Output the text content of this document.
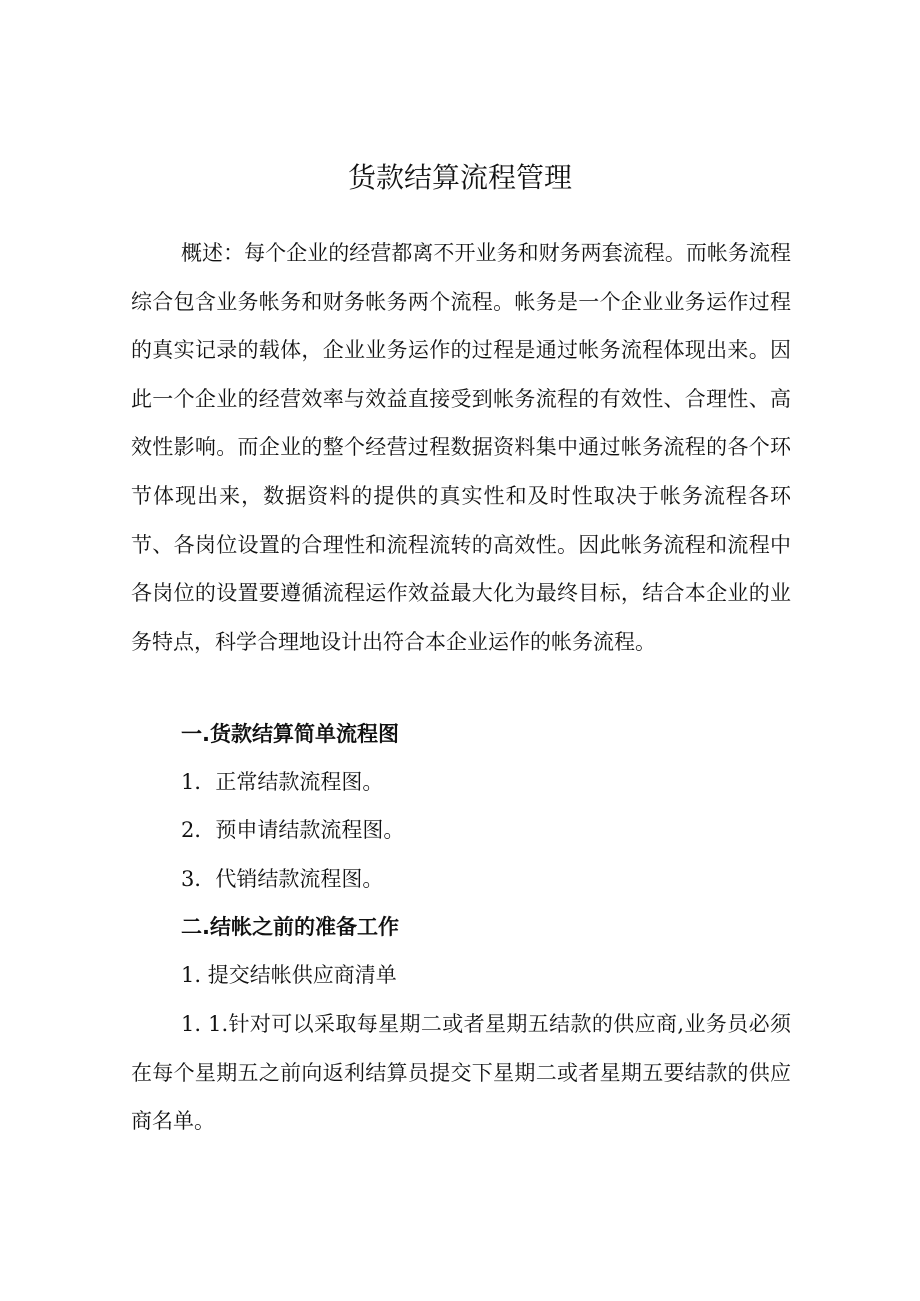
货款结算流程管理
概述：每个企业的经营都离不开业务和财务两套流程。而帐务流程综合包含业务帐务和财务帐务两个流程。帐务是一个企业业务运作过程的真实记录的载体，企业业务运作的过程是通过帐务流程体现出来。因此一个企业的经营效率与效益直接受到帐务流程的有效性、合理性、高效性影响。而企业的整个经营过程数据资料集中通过帐务流程的各个环节体现出来，数据资料的提供的真实性和及时性取决于帐务流程各环节、各岗位设置的合理性和流程流转的高效性。因此帐务流程和流程中各岗位的设置要遵循流程运作效益最大化为最终目标，结合本企业的业务特点，科学合理地设计出符合本企业运作的帐务流程。
一.货款结算简单流程图
1．正常结款流程图。
2．预申请结款流程图。
3．代销结款流程图。
二.结帐之前的准备工作
1. 提交结帐供应商清单
1. 1.针对可以采取每星期二或者星期五结款的供应商,业务员必须在每个星期五之前向返利结算员提交下星期二或者星期五要结款的供应商名单。
